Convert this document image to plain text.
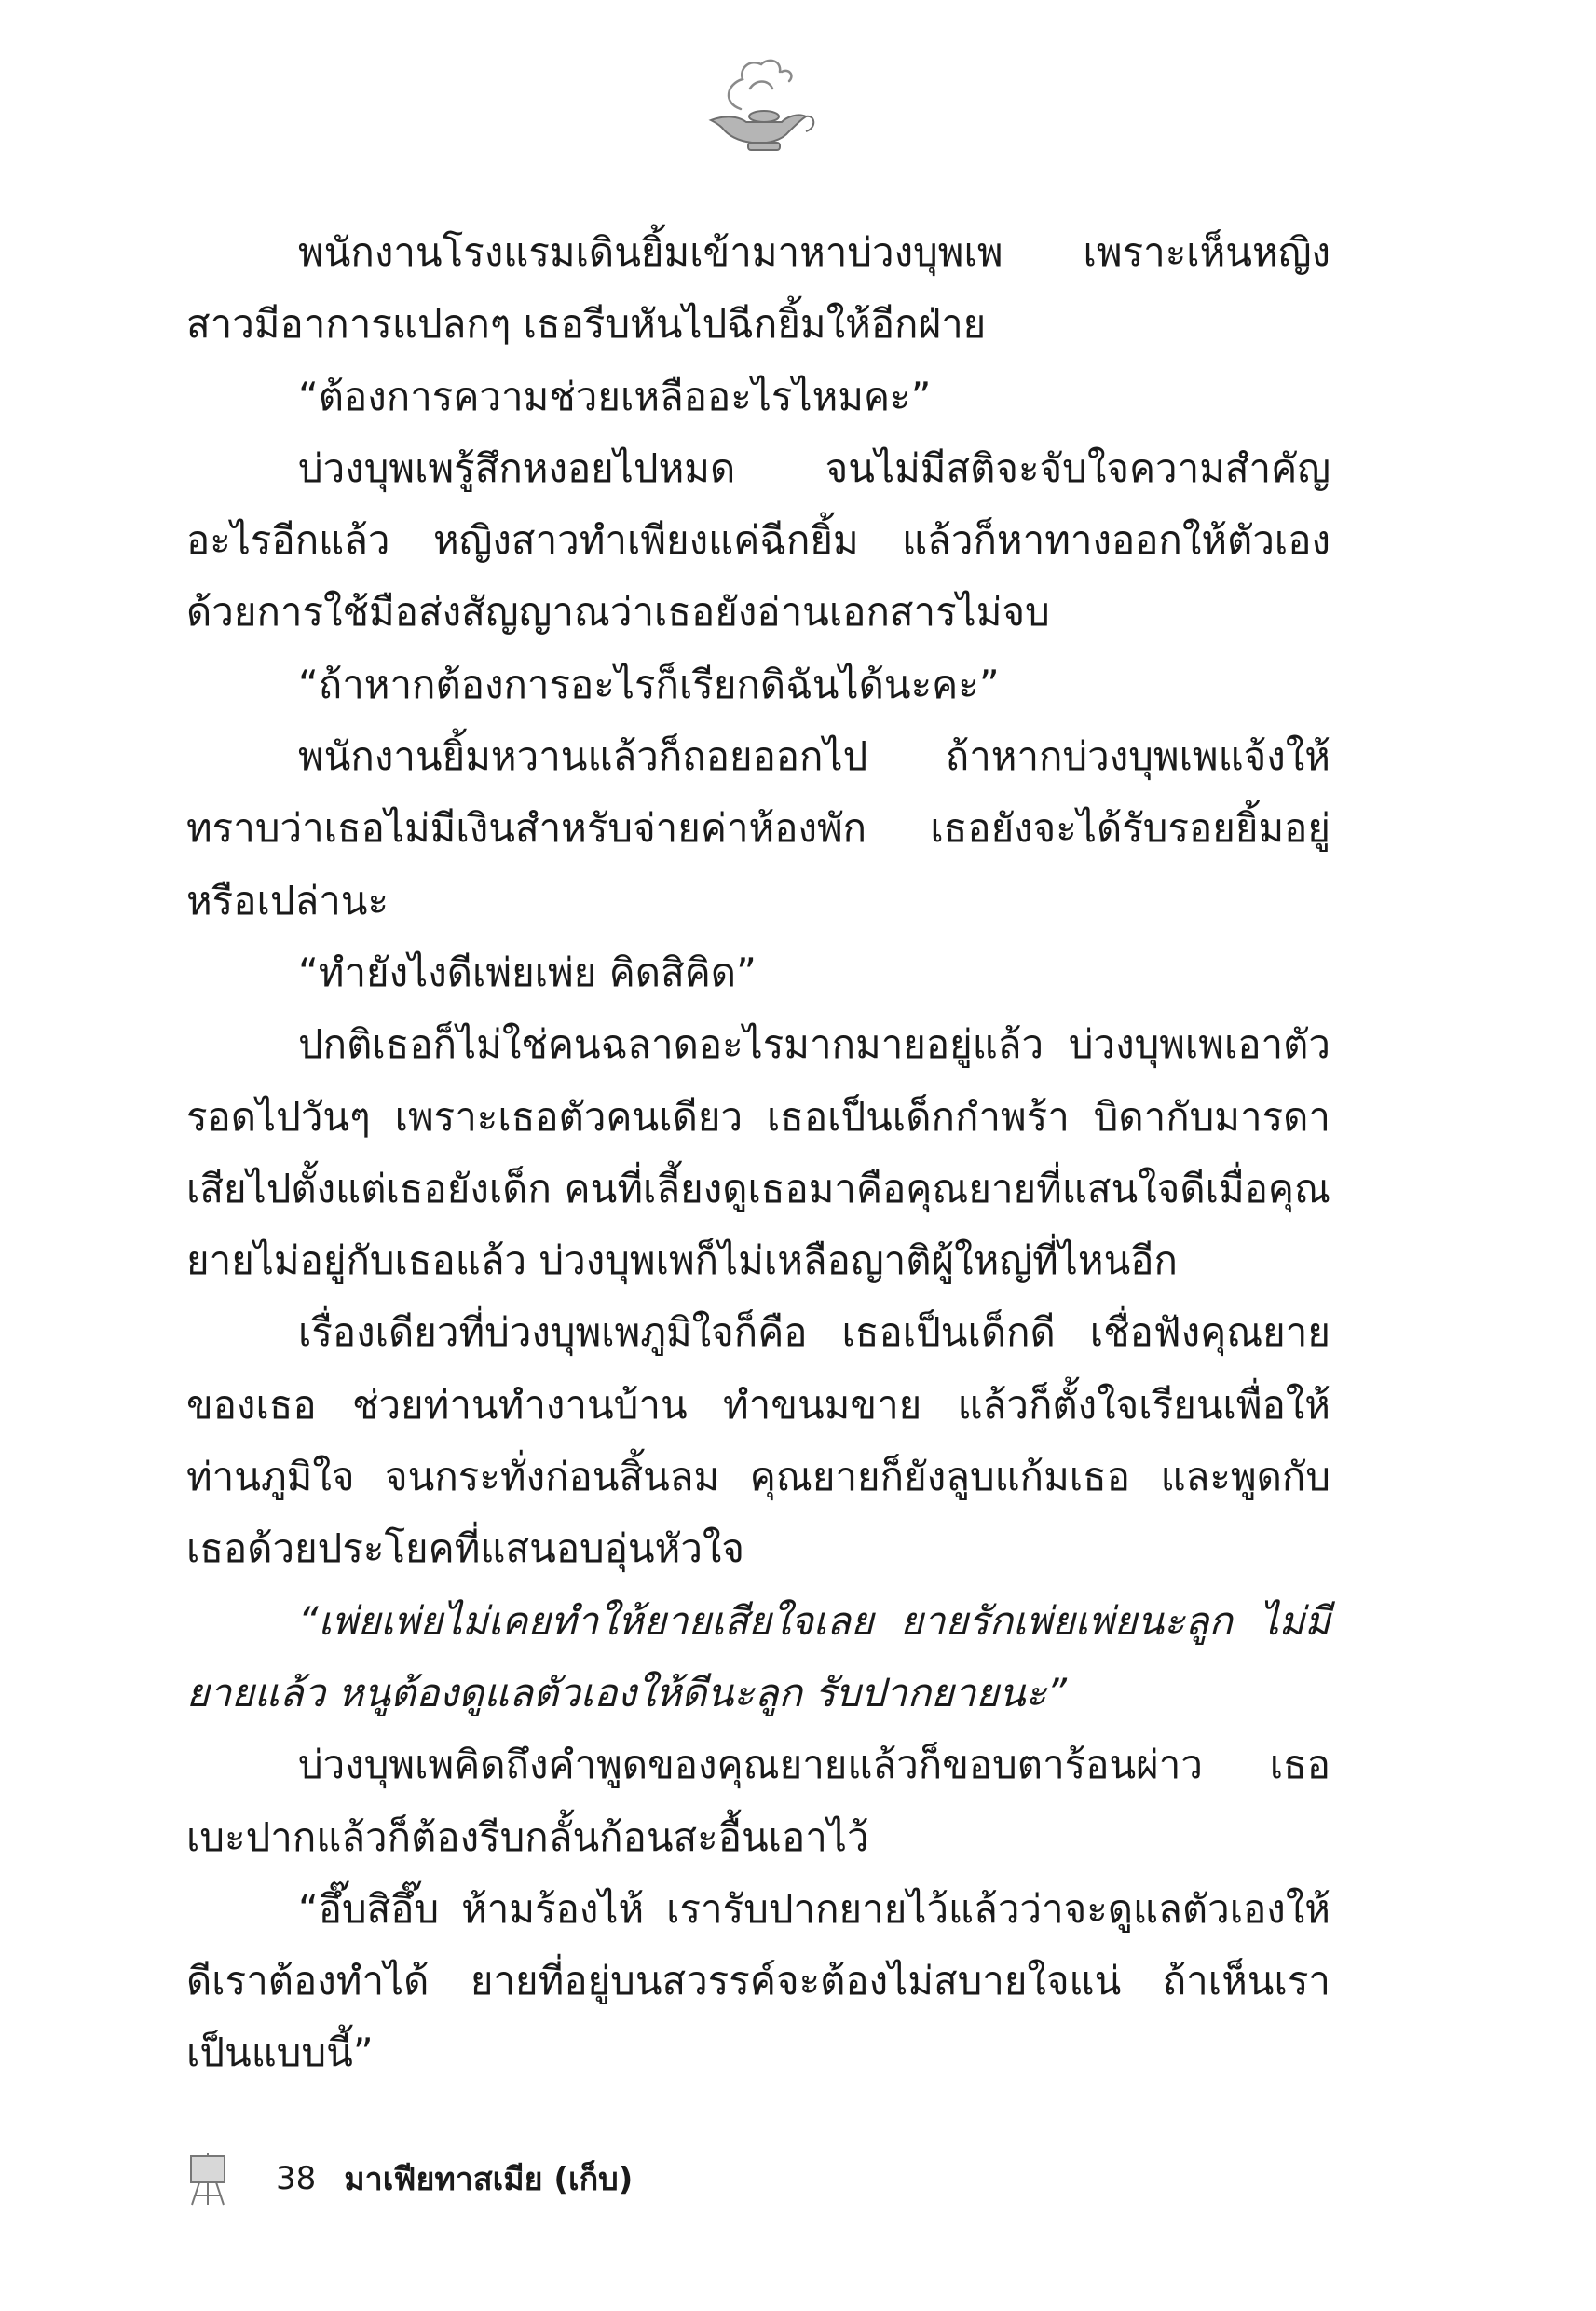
พนักงานโรงแรมเดินยิ้มเข้ามาหาบ่วงบุพเพ เพราะเห็นหญิงสาวมีอาการแปลกๆ เธอรีบหันไปฉีกยิ้มให้อีกฝ่าย

“ต้องการความช่วยเหลืออะไรไหมคะ”

บ่วงบุพเพรู้สึกหงอยไปหมด จนไม่มีสติจะจับใจความสำคัญอะไรอีกแล้ว หญิงสาวทำเพียงแค่ฉีกยิ้ม แล้วก็หาทางออกให้ตัวเองด้วยการใช้มือส่งสัญญาณว่าเธอยังอ่านเอกสารไม่จบ

“ถ้าหากต้องการอะไรก็เรียกดิฉันได้นะคะ”

พนักงานยิ้มหวานแล้วก็ถอยออกไป ถ้าหากบ่วงบุพเพแจ้งให้ทราบว่าเธอไม่มีเงินสำหรับจ่ายค่าห้องพัก เธอยังจะได้รับรอยยิ้มอยู่หรือเปล่านะ

“ทำยังไงดีเพ่ยเพ่ย คิดสิคิด”

ปกติเธอก็ไม่ใช่คนฉลาดอะไรมากมายอยู่แล้ว บ่วงบุพเพเอาตัวรอดไปวันๆ เพราะเธอตัวคนเดียว เธอเป็นเด็กกำพร้า บิดากับมารดาเสียไปตั้งแต่เธอยังเด็ก คนที่เลี้ยงดูเธอมาคือคุณยายที่แสนใจดีเมื่อคุณยายไม่อยู่กับเธอแล้ว บ่วงบุพเพก็ไม่เหลือญาติผู้ใหญ่ที่ไหนอีก

เรื่องเดียวที่บ่วงบุพเพภูมิใจก็คือ เธอเป็นเด็กดี เชื่อฟังคุณยายของเธอ ช่วยท่านทำงานบ้าน ทำขนมขาย แล้วก็ตั้งใจเรียนเพื่อให้ท่านภูมิใจ จนกระทั่งก่อนสิ้นลม คุณยายก็ยังลูบแก้มเธอ และพูดกับเธอด้วยประโยคที่แสนอบอุ่นหัวใจ

“เพ่ยเพ่ยไม่เคยทำให้ยายเสียใจเลย ยายรักเพ่ยเพ่ยนะลูก ไม่มียายแล้ว หนูต้องดูแลตัวเองให้ดีนะลูก รับปากยายนะ”

บ่วงบุพเพคิดถึงคำพูดของคุณยายแล้วก็ขอบตาร้อนผ่าว เธอเบะปากแล้วก็ต้องรีบกลั้นก้อนสะอื้นเอาไว้

“อึ๊บสิอึ๊บ ห้ามร้องไห้ เรารับปากยายไว้แล้วว่าจะดูแลตัวเองให้ดีเราต้องทำได้ ยายที่อยู่บนสวรรค์จะต้องไม่สบายใจแน่ ถ้าเห็นเราเป็นแบบนี้”

38 มาเฟียทาสเมีย (เก็บ)
